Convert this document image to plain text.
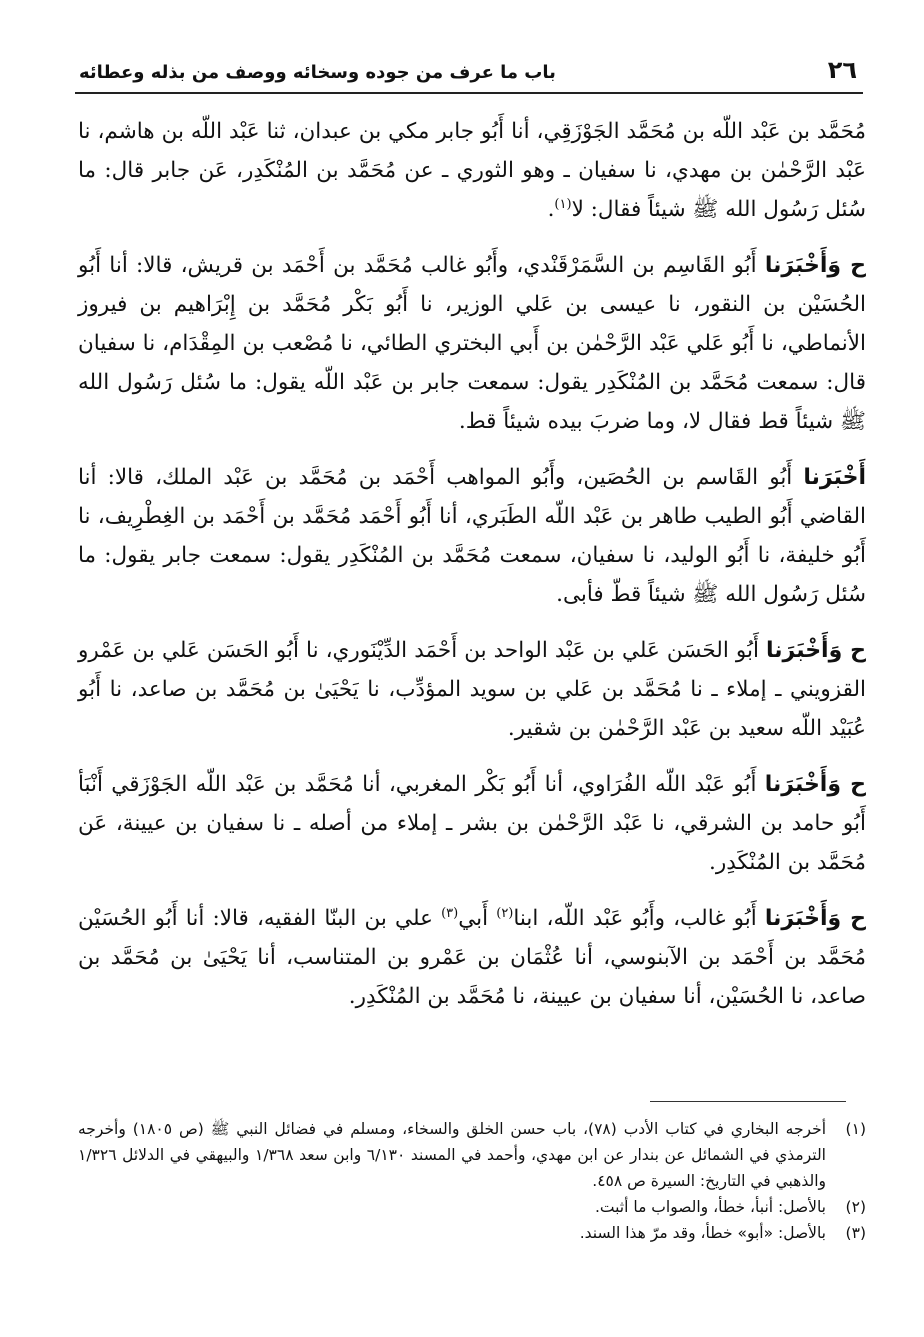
٢٦
باب ما عرف من جوده وسخائه ووصف من بذله وعطائه

مُحَمَّد بن عَبْد اللّه بن مُحَمَّد الجَوْزَقِي، أنا أَبُو جابر مكي بن عبدان، ثنا عَبْد اللّه بن هاشم، نا عَبْد الرَّحْمٰن بن مهدي، نا سفيان ـ وهو الثوري ـ عن مُحَمَّد بن المُنْكَدِر، عَن جابر قال: ما سُئل رَسُول الله ﷺ شيئاً فقال: لا$^{(١)}$.

ح وَأَخْبَرَنا أَبُو القَاسِم بن السَّمَرْقَنْدي، وأَبُو غالب مُحَمَّد بن أَحْمَد بن قريش، قالا: أنا أَبُو الحُسَيْن بن النقور، نا عيسى بن عَلي الوزير، نا أَبُو بَكْر مُحَمَّد بن إِبْرَاهيم بن فيروز الأنماطي، نا أَبُو عَلي عَبْد الرَّحْمٰن بن أَبي البختري الطائي، نا مُصْعب بن المِقْدَام، نا سفيان قال: سمعت مُحَمَّد بن المُنْكَدِر يقول: سمعت جابر بن عَبْد اللّه يقول: ما سُئل رَسُول الله ﷺ شيئاً قط فقال لا، وما ضربَ بيده شيئاً قط.

أَخْبَرَنا أَبُو القَاسم بن الحُصَين، وأَبُو المواهب أَحْمَد بن مُحَمَّد بن عَبْد الملك، قالا: أنا القاضي أَبُو الطيب طاهر بن عَبْد اللّه الطَبَري، أنا أَبُو أَحْمَد مُحَمَّد بن أَحْمَد بن الغِطْرِيف، نا أَبُو خليفة، نا أَبُو الوليد، نا سفيان، سمعت مُحَمَّد بن المُنْكَدِر يقول: سمعت جابر يقول: ما سُئل رَسُول الله ﷺ شيئاً قطّ فأبى.

ح وَأَخْبَرَنا أَبُو الحَسَن عَلي بن عَبْد الواحد بن أَحْمَد الدِّيْنَوري، نا أَبُو الحَسَن عَلي بن عَمْرو القزويني ـ إملاء ـ نا مُحَمَّد بن عَلي بن سويد المؤدِّب، نا يَحْيَىٰ بن مُحَمَّد بن صاعد، نا أَبُو عُبَيْد اللّه سعيد بن عَبْد الرَّحْمٰن بن شقير.

ح وَأَخْبَرَنا أَبُو عَبْد اللّه الفُرَاوي، أنا أَبُو بَكْر المغربي، أنا مُحَمَّد بن عَبْد اللّه الجَوْزَقي أَنْبَأ أَبُو حامد بن الشرقي، نا عَبْد الرَّحْمٰن بن بشر ـ إملاء من أصله ـ نا سفيان بن عيينة، عَن مُحَمَّد بن المُنْكَدِر.

ح وَأَخْبَرَنا أَبُو غالب، وأَبُو عَبْد اللّه، ابنا$^{(٢)}$ أَبي$^{(٣)}$ علي بن البنّا الفقيه، قالا: أنا أَبُو الحُسَيْن مُحَمَّد بن أَحْمَد بن الآبنوسي، أنا عُثْمَان بن عَمْرو بن المتناسب، أنا يَحْيَىٰ بن مُحَمَّد بن صاعد، نا الحُسَيْن، أنا سفيان بن عيينة، نا مُحَمَّد بن المُنْكَدِر.

(١)
أخرجه البخاري في كتاب الأدب (٧٨)، باب حسن الخلق والسخاء، ومسلم في فضائل النبي ﷺ (ص ١٨٠٥) وأخرجه الترمذي في الشمائل عن بندار عن ابن مهدي، وأحمد في المسند ٦/١٣٠ وابن سعد ١/٣٦٨ والبيهقي في الدلائل ١/٣٢٦ والذهبي في التاريخ: السيرة ص ٤٥٨.
(٢)
بالأصل: أنبأ، خطأ، والصواب ما أثبت.
(٣)
بالأصل: «أبو» خطأ، وقد مرّ هذا السند.
